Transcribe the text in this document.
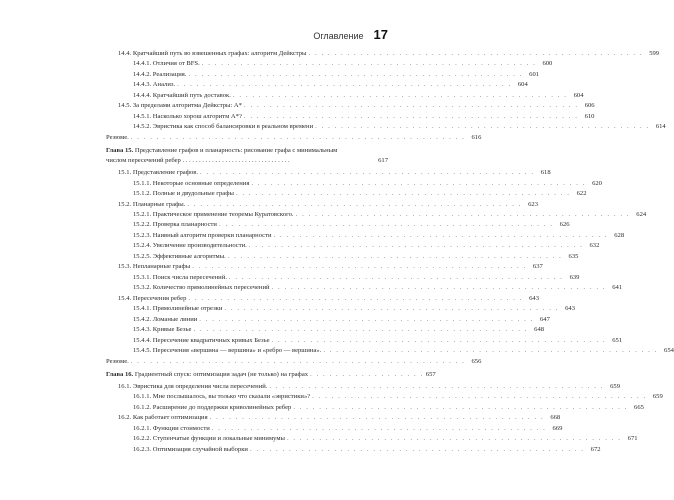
Оглавление 17
14.4. Кратчайший путь во взвешенных графах: алгоритм Дейкстры . . . . . . . . . . . . . . . . . . . . . . . . . . . . . . . . . . . . . . . . . . . . . . . . . . . . 599
14.4.1. Отличия от BFS. . . . . . . . . . . . . . . . . . . . . . . . . . . . . . . . . . . . . . . . . . . . . . . . . . . . . 600
14.4.2. Реализация. . . . . . . . . . . . . . . . . . . . . . . . . . . . . . . . . . . . . . . . . . . . . . . . . . . . . 601
14.4.3. Анализ. . . . . . . . . . . . . . . . . . . . . . . . . . . . . . . . . . . . . . . . . . . . . . . . . . . . . 604
14.4.4. Кратчайший путь доставок. . . . . . . . . . . . . . . . . . . . . . . . . . . . . . . . . . . . . . . . . . . . . . . . . . . . . 604
14.5. За пределами алгоритма Дейкстры: A* . . . . . . . . . . . . . . . . . . . . . . . . . . . . . . . . . . . . . . . . . . . . . . . . . . . . 606
14.5.1. Насколько хорош алгоритм A*? . . . . . . . . . . . . . . . . . . . . . . . . . . . . . . . . . . . . . . . . . . . . . . . . . . . . 610
14.5.2. Эвристика как способ балансировки в реальном времени . . . . . . . . . . . . . . . . . . . . . . . . . . . . . . . . . . . . . . . . . . . . . . . . . . . . 614
Резюме. . . . . . . . . . . . . . . . . . . . . . . . . . . . . . . . . . . . . . . . . . . . . . . . . . . . . 616
Глава 15. Представление графов и планарность: рисование графа с минимальным
числом пересечений ребер . . . . . . . . . . . . . . . . . . . . . . . . . . . . . . . . .	617
15.1. Представление графов. . . . . . . . . . . . . . . . . . . . . . . . . . . . . . . . . . . . . . . . . . . . . . . . . . . . . 618
15.1.1. Некоторые основные определения . . . . . . . . . . . . . . . . . . . . . . . . . . . . . . . . . . . . . . . . . . . . . . . . . . . . 620
15.1.2. Полные и двудольные графы . . . . . . . . . . . . . . . . . . . . . . . . . . . . . . . . . . . . . . . . . . . . . . . . . . . . 622
15.2. Планарные графы. . . . . . . . . . . . . . . . . . . . . . . . . . . . . . . . . . . . . . . . . . . . . . . . . . . . . 623
15.2.1. Практическое применение теоремы Куратовского. . . . . . . . . . . . . . . . . . . . . . . . . . . . . . . . . . . . . . . . . . . . . . . . . . . . . 624
15.2.2. Проверка планарности . . . . . . . . . . . . . . . . . . . . . . . . . . . . . . . . . . . . . . . . . . . . . . . . . . . . 626
15.2.3. Наивный алгоритм проверки планарности . . . . . . . . . . . . . . . . . . . . . . . . . . . . . . . . . . . . . . . . . . . . . . . . . . . . 628
15.2.4. Увеличение производительности. . . . . . . . . . . . . . . . . . . . . . . . . . . . . . . . . . . . . . . . . . . . . . . . . . . . . 632
15.2.5. Эффективные алгоритмы. . . . . . . . . . . . . . . . . . . . . . . . . . . . . . . . . . . . . . . . . . . . . . . . . . . . . 635
15.3. Непланарные графы . . . . . . . . . . . . . . . . . . . . . . . . . . . . . . . . . . . . . . . . . . . . . . . . . . . . 637
15.3.1. Поиск числа пересечений. . . . . . . . . . . . . . . . . . . . . . . . . . . . . . . . . . . . . . . . . . . . . . . . . . . . . 639
15.3.2. Количество прямолинейных пересечений . . . . . . . . . . . . . . . . . . . . . . . . . . . . . . . . . . . . . . . . . . . . . . . . . . . . 641
15.4. Пересечения ребер . . . . . . . . . . . . . . . . . . . . . . . . . . . . . . . . . . . . . . . . . . . . . . . . . . . . 643
15.4.1. Прямолинейные отрезки . . . . . . . . . . . . . . . . . . . . . . . . . . . . . . . . . . . . . . . . . . . . . . . . . . . . 643
15.4.2. Ломаные линии . . . . . . . . . . . . . . . . . . . . . . . . . . . . . . . . . . . . . . . . . . . . . . . . . . . . 647
15.4.3. Кривые Безье . . . . . . . . . . . . . . . . . . . . . . . . . . . . . . . . . . . . . . . . . . . . . . . . . . . . 648
15.4.4. Пересечение квадратичных кривых Безье . . . . . . . . . . . . . . . . . . . . . . . . . . . . . . . . . . . . . . . . . . . . . . . . . . . . 651
15.4.5. Пересечения «вершина — вершина» и «ребро — вершина». . . . . . . . . . . . . . . . . . . . . . . . . . . . . . . . . . . . . . . . . . . . . . . . . . . . . 654
Резюме. . . . . . . . . . . . . . . . . . . . . . . . . . . . . . . . . . . . . . . . . . . . . . . . . . . . . 656
Глава 16. Градиентный спуск: оптимизация задач (не только) на графах . . . . . . . . . . . . . . . . . . 657
16.1. Эвристика для определения числа пересечений. . . . . . . . . . . . . . . . . . . . . . . . . . . . . . . . . . . . . . . . . . . . . . . . . . . . . 659
16.1.1. Мне послышалось, вы только что сказали «эвристики»? . . . . . . . . . . . . . . . . . . . . . . . . . . . . . . . . . . . . . . . . . . . . . . . . . . . . 659
16.1.2. Расширение до поддержки криволинейных ребер . . . . . . . . . . . . . . . . . . . . . . . . . . . . . . . . . . . . . . . . . . . . . . . . . . . . 665
16.2. Как работает оптимизация . . . . . . . . . . . . . . . . . . . . . . . . . . . . . . . . . . . . . . . . . . . . . . . . . . . . 668
16.2.1. Функции стоимости . . . . . . . . . . . . . . . . . . . . . . . . . . . . . . . . . . . . . . . . . . . . . . . . . . . . 669
16.2.2. Ступенчатые функции и локальные минимумы . . . . . . . . . . . . . . . . . . . . . . . . . . . . . . . . . . . . . . . . . . . . . . . . . . . . 671
16.2.3. Оптимизация случайной выборки . . . . . . . . . . . . . . . . . . . . . . . . . . . . . . . . . . . . . . . . . . . . . . . . . . . . 672
